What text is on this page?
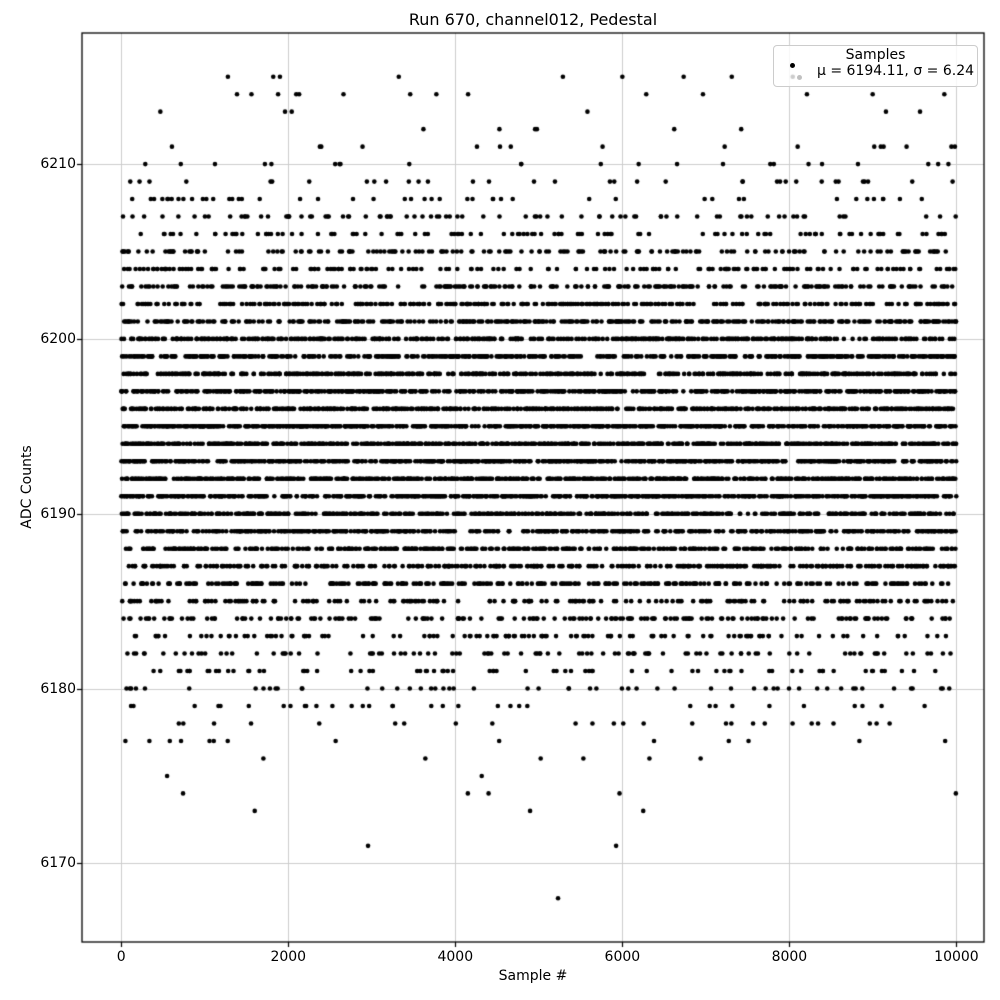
Run 670, channel012, Pedestal
Sample #
ADC Counts
0	2000	4000	6000	8000	10000
6170
6180
6190
6200
6210
Samples
μ = 6194.11, σ = 6.24
